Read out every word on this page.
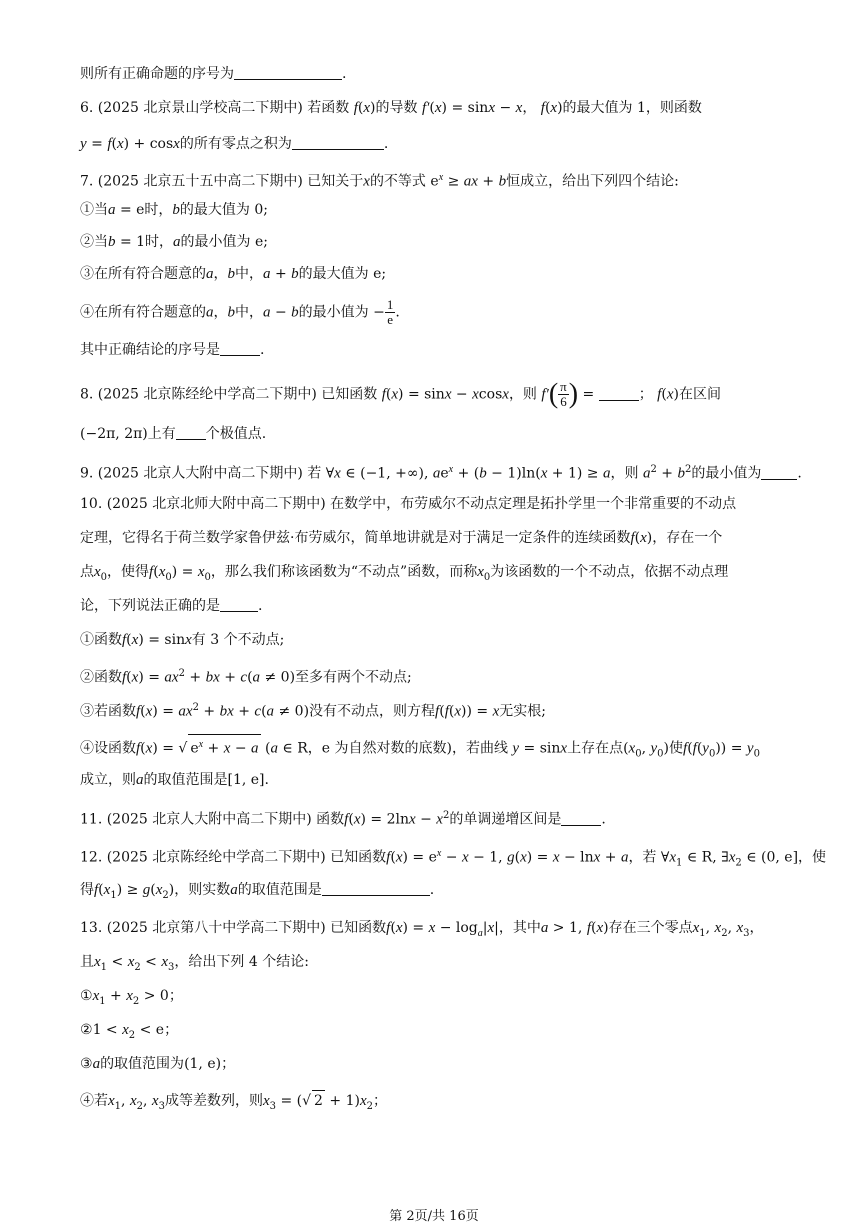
则所有正确命题的序号为	.
6. (2025 北京景山学校高二下期中) 若函数 f(x)的导数 f′(x) = sinx − x， f(x)的最大值为 1，则函数
y = f(x) + cosx的所有零点之积为	.
7. (2025 北京五十五中高二下期中) 已知关于x的不等式 $e^x$ ≥ ax + b恒成立，给出下列四个结论:
①当a = e时，b的最大值为 0;
②当b = 1时，a的最小值为 e;
③在所有符合题意的a，b中，a + b的最大值为 e;
④在所有符合题意的a，b中，a − b的最小值为 − $\frac{1}{e}$ .
其中正确结论的序号是	.
8. (2025 北京陈经纶中学高二下期中) 已知函数 f(x) = sinx − xcosx，则 $f'( \frac{\pi}{6}$ ) =	； f(x)在区间
(−2π, 2π)上有 个极值点.
9. (2025 北京人大附中高二下期中) 若 ∀x ∈ (−1, +∞), $ae^x + (b - 1)\ln(x + 1) \ge a$，则 $a^2 + b^2$的最小值为	.
10. (2025 北京北师大附中高二下期中) 在数学中，布劳威尔不动点定理是拓扑学里一个非常重要的不动点
定理，它得名于荷兰数学家鲁伊兹·布劳威尔，简单地讲就是对于满足一定条件的连续函数f(x)，存在一个
点$x_0$，使得$f(x_0) = x_0$，那么我们称该函数为“不动点”函数，而称$x_0$为该函数的一个不动点，依据不动点理
论，下列说法正确的是	.
①函数f(x) = sinx有 3 个不动点;
②函数$f(x) = ax^2$ + bx + c(a ≠ 0)至多有两个不动点;
③若函数$f(x) = ax^2$ + bx + c(a ≠ 0)没有不动点，则方程f(f(x)) = x无实根;
④设函数f(x) = √ $e^x + x - a$ (a ∈ R，e 为自然对数的底数)，若曲线 y = sinx上存在点($x_0$, $y_0$)使$f(f(y_0)) = y_0$
成立，则a的取值范围是[1, e].
11. (2025 北京人大附中高二下期中) 函数$f(x) = 2\ln x - x^2$的单调递增区间是	.
12. (2025 北京陈经纶中学高二下期中) 已知函数$f(x) = e^x - x - 1$, g(x) = x − lnx + a，若 $\forall x_1$ ∈ R, $\exists x_2$ ∈ (0, e]，使
得$f(x_1) \ge g(x_2)$，则实数a的取值范围是	.
13. (2025 北京第八十中学高二下期中) 已知函数$f(x) = x - \log_a|x|$，其中a > 1, f(x)存在三个零点$x_1$, $x_2$, $x_3$，
且$x_1 < x_2 < x_3$，给出下列 4 个结论:
$①x_1 + x_2 > 0$；
②1 < $x_2 < e$；
③a的取值范围为(1, e)；
④若$x_1$, $x_2$, $x_3$成等差数列，则$x_3$ = (√ $2 + 1)x_2$；
第 2页/共 16页
